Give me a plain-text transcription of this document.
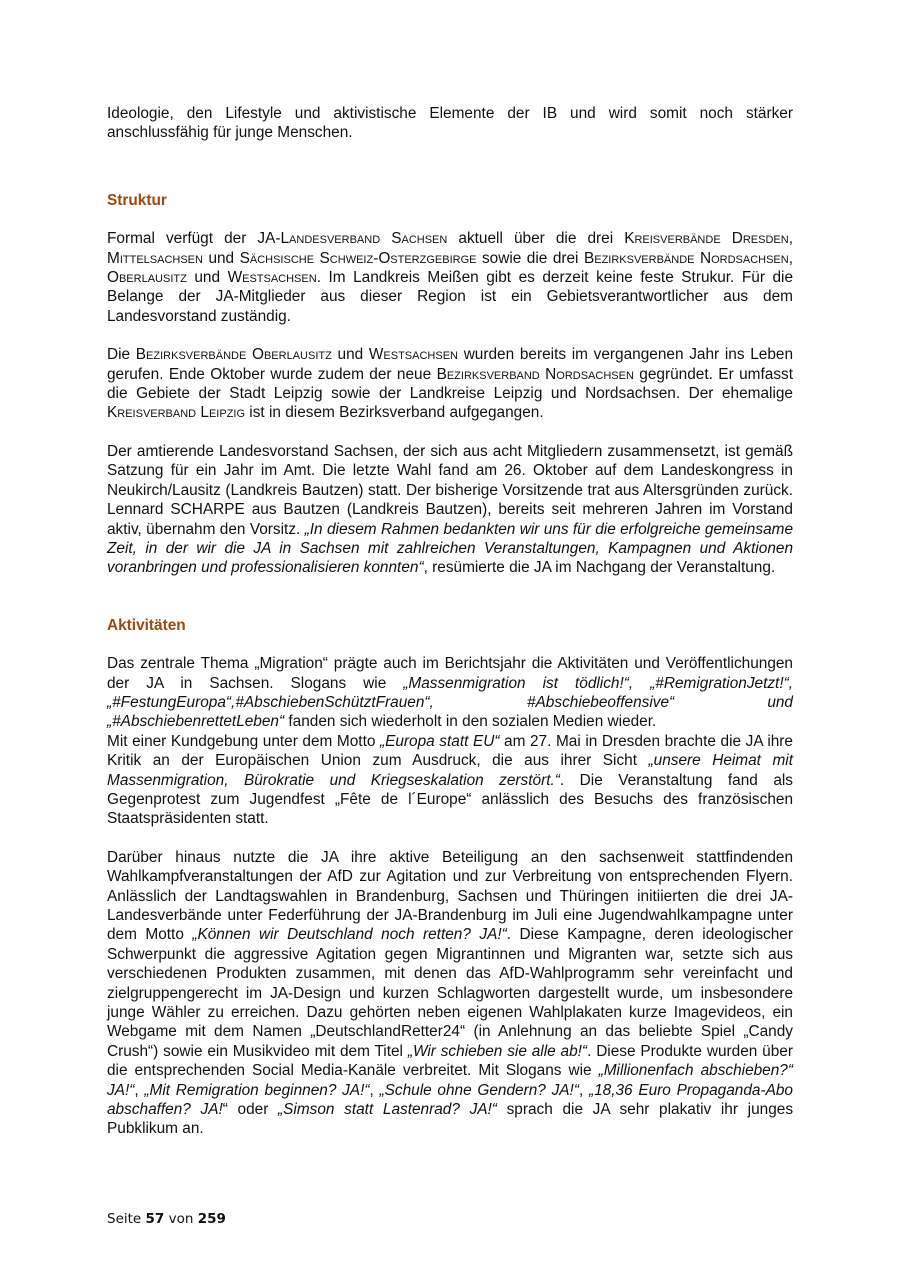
Ideologie, den Lifestyle und aktivistische Elemente der IB und wird somit noch stärker anschlussfähig für junge Menschen.

Struktur

Formal verfügt der JA-Landesverband Sachsen aktuell über die drei Kreisverbände Dresden, Mittelsachsen und Sächsische Schweiz-Osterzgebirge sowie die drei Bezirksverbände Nordsachsen, Oberlausitz und Westsachsen. Im Landkreis Meißen gibt es derzeit keine feste Strukur. Für die Belange der JA-Mitglieder aus dieser Region ist ein Gebietsverantwortlicher aus dem Landesvorstand zuständig.

Die Bezirksverbände Oberlausitz und Westsachsen wurden bereits im vergangenen Jahr ins Leben gerufen. Ende Oktober wurde zudem der neue Bezirksverband Nordsachsen gegründet. Er umfasst die Gebiete der Stadt Leipzig sowie der Landkreise Leipzig und Nordsachsen. Der ehemalige Kreisverband Leipzig ist in diesem Bezirksverband aufgegangen.

Der amtierende Landesvorstand Sachsen, der sich aus acht Mitgliedern zusammensetzt, ist gemäß Satzung für ein Jahr im Amt. Die letzte Wahl fand am 26. Oktober auf dem Landeskongress in Neukirch/Lausitz (Landkreis Bautzen) statt. Der bisherige Vorsitzende trat aus Altersgründen zurück. Lennard SCHARPE aus Bautzen (Landkreis Bautzen), bereits seit mehreren Jahren im Vorstand aktiv, übernahm den Vorsitz. „In diesem Rahmen bedankten wir uns für die erfolgreiche gemeinsame Zeit, in der wir die JA in Sachsen mit zahlreichen Veranstaltungen, Kampagnen und Aktionen voranbringen und professionalisieren konnten“, resümierte die JA im Nachgang der Veranstaltung.

Aktivitäten

Das zentrale Thema „Migration“ prägte auch im Berichtsjahr die Aktivitäten und Veröffentlichungen der JA in Sachsen. Slogans wie „Massenmigration ist tödlich!“, „#RemigrationJetzt!“, „#FestungEuropa“,#AbschiebenSchütztFrauen“, #Abschiebeoffensive“ und „#AbschiebenrettetLeben“ fanden sich wiederholt in den sozialen Medien wieder.

Mit einer Kundgebung unter dem Motto „Europa statt EU“ am 27. Mai in Dresden brachte die JA ihre Kritik an der Europäischen Union zum Ausdruck, die aus ihrer Sicht „unsere Heimat mit Massenmigration, Bürokratie und Kriegseskalation zerstört.“. Die Veranstaltung fand als Gegenprotest zum Jugendfest „Fête de l´Europe“ anlässlich des Besuchs des französischen Staatspräsidenten statt.

Darüber hinaus nutzte die JA ihre aktive Beteiligung an den sachsenweit stattfindenden Wahlkampfveranstaltungen der AfD zur Agitation und zur Verbreitung von entsprechenden Flyern. Anlässlich der Landtagswahlen in Brandenburg, Sachsen und Thüringen initiierten die drei JA-Landesverbände unter Federführung der JA-Brandenburg im Juli eine Jugendwahlkampagne unter dem Motto „Können wir Deutschland noch retten? JA!“. Diese Kampagne, deren ideologischer Schwerpunkt die aggressive Agitation gegen Migrantinnen und Migranten war, setzte sich aus verschiedenen Produkten zusammen, mit denen das AfD-Wahlprogramm sehr vereinfacht und zielgruppengerecht im JA-Design und kurzen Schlagworten dargestellt wurde, um insbesondere junge Wähler zu erreichen. Dazu gehörten neben eigenen Wahlplakaten kurze Imagevideos, ein Webgame mit dem Namen „DeutschlandRetter24“ (in Anlehnung an das beliebte Spiel „Candy Crush“) sowie ein Musikvideo mit dem Titel „Wir schieben sie alle ab!“. Diese Produkte wurden über die entsprechenden Social Media-Kanäle verbreitet. Mit Slogans wie „Millionenfach abschieben?“ JA!“, „Mit Remigration beginnen? JA!“, „Schule ohne Gendern? JA!“, „18,36 Euro Propaganda-Abo abschaffen? JA!“ oder „Simson statt Lastenrad? JA!“ sprach die JA sehr plakativ ihr junges Pubklikum an.

Seite 57 von 259
